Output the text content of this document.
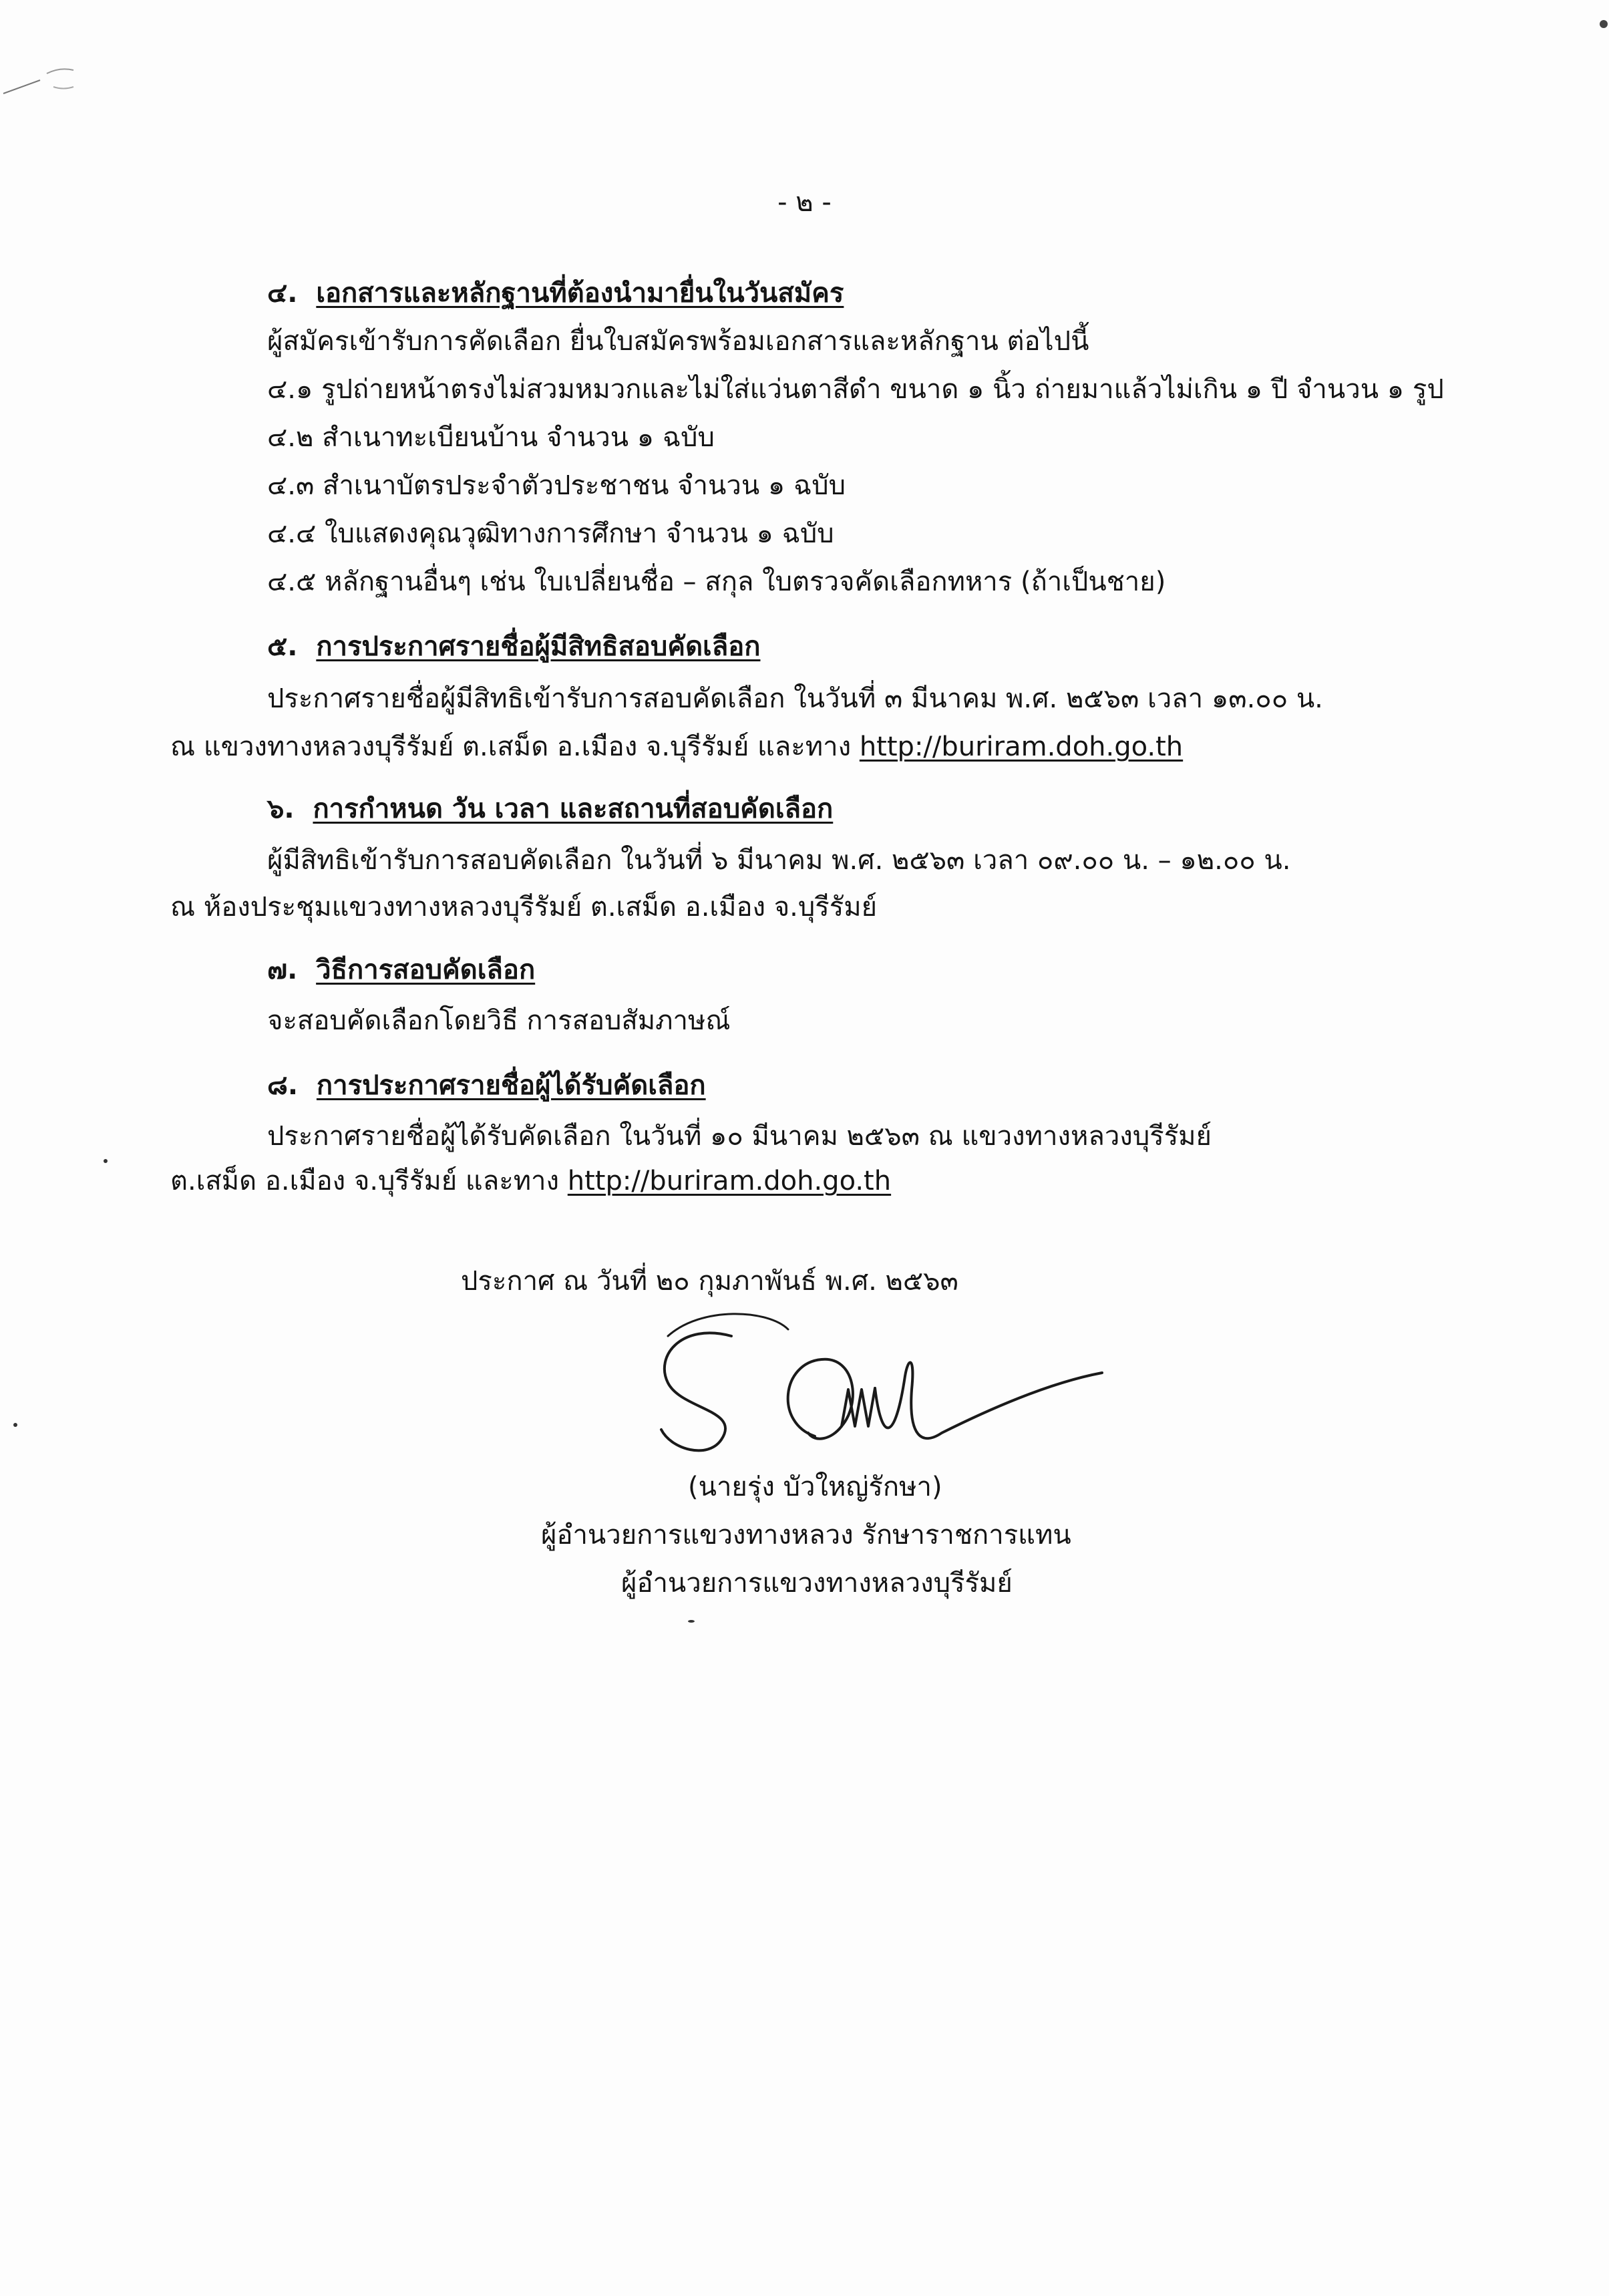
- ๒ -
๔. เอกสารและหลักฐานที่ต้องนำมายื่นในวันสมัคร
ผู้สมัครเข้ารับการคัดเลือก ยื่นใบสมัครพร้อมเอกสารและหลักฐาน ต่อไปนี้
๔.๑ รูปถ่ายหน้าตรงไม่สวมหมวกและไม่ใส่แว่นตาสีดำ ขนาด ๑ นิ้ว ถ่ายมาแล้วไม่เกิน ๑ ปี จำนวน ๑ รูป
๔.๒ สำเนาทะเบียนบ้าน จำนวน ๑ ฉบับ
๔.๓ สำเนาบัตรประจำตัวประชาชน จำนวน ๑ ฉบับ
๔.๔ ใบแสดงคุณวุฒิทางการศึกษา จำนวน ๑ ฉบับ
๔.๕ หลักฐานอื่นๆ เช่น ใบเปลี่ยนชื่อ – สกุล ใบตรวจคัดเลือกทหาร (ถ้าเป็นชาย)
๕. การประกาศรายชื่อผู้มีสิทธิสอบคัดเลือก
ประกาศรายชื่อผู้มีสิทธิเข้ารับการสอบคัดเลือก ในวันที่ ๓ มีนาคม พ.ศ. ๒๕๖๓ เวลา ๑๓.๐๐ น.
ณ แขวงทางหลวงบุรีรัมย์ ต.เสม็ด อ.เมือง จ.บุรีรัมย์ และทาง http://buriram.doh.go.th
๖. การกำหนด วัน เวลา และสถานที่สอบคัดเลือก
ผู้มีสิทธิเข้ารับการสอบคัดเลือก ในวันที่ ๖ มีนาคม พ.ศ. ๒๕๖๓ เวลา ๐๙.๐๐ น. – ๑๒.๐๐ น.
ณ ห้องประชุมแขวงทางหลวงบุรีรัมย์ ต.เสม็ด อ.เมือง จ.บุรีรัมย์
๗. วิธีการสอบคัดเลือก
จะสอบคัดเลือกโดยวิธี การสอบสัมภาษณ์
๘. การประกาศรายชื่อผู้ได้รับคัดเลือก
ประกาศรายชื่อผู้ได้รับคัดเลือก ในวันที่ ๑๐ มีนาคม ๒๕๖๓ ณ แขวงทางหลวงบุรีรัมย์
ต.เสม็ด อ.เมือง จ.บุรีรัมย์ และทาง http://buriram.doh.go.th
ประกาศ ณ วันที่ ๒๐ กุมภาพันธ์ พ.ศ. ๒๕๖๓
(นายรุ่ง บัวใหญ่รักษา)
ผู้อำนวยการแขวงทางหลวง รักษาราชการแทน
ผู้อำนวยการแขวงทางหลวงบุรีรัมย์
